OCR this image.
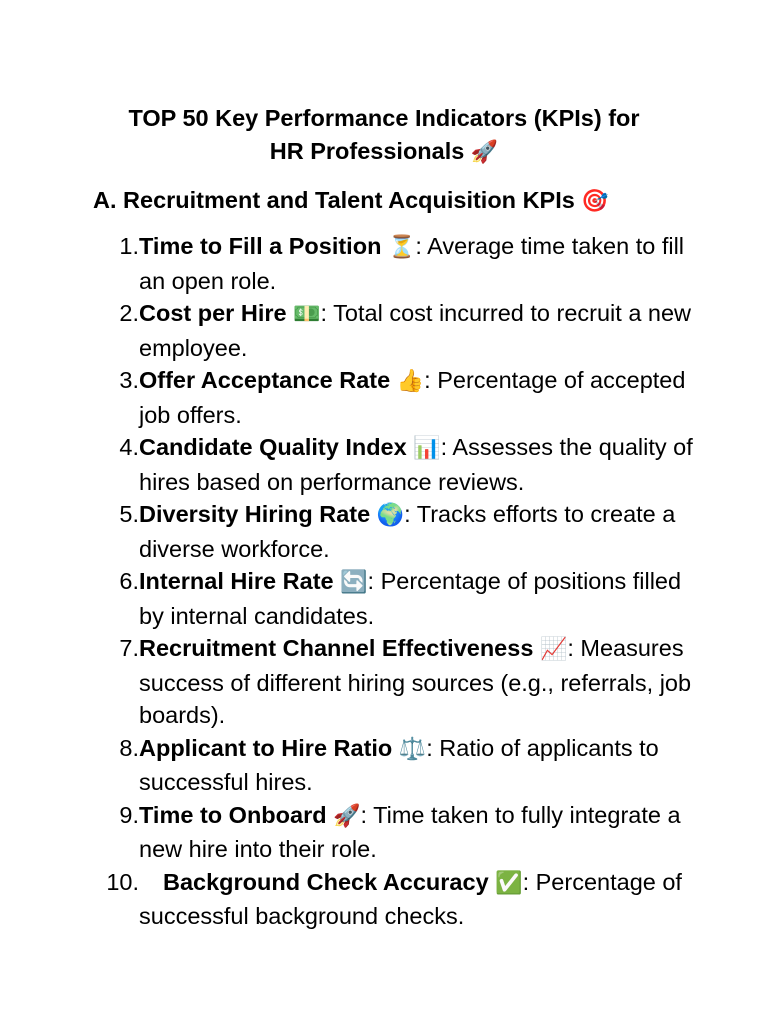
TOP 50 Key Performance Indicators (KPIs) for
HR Professionals 🚀
A. Recruitment and Talent Acquisition KPIs 🎯
1. Time to Fill a Position ⏳: Average time taken to fill an open role.
2. Cost per Hire 💵: Total cost incurred to recruit a new employee.
3. Offer Acceptance Rate 👍: Percentage of accepted job offers.
4. Candidate Quality Index 📊: Assesses the quality of hires based on performance reviews.
5. Diversity Hiring Rate 🌍: Tracks efforts to create a diverse workforce.
6. Internal Hire Rate 🔄: Percentage of positions filled by internal candidates.
7. Recruitment Channel Effectiveness 📈: Measures success of different hiring sources (e.g., referrals, job boards).
8. Applicant to Hire Ratio ⚖️: Ratio of applicants to successful hires.
9. Time to Onboard 🚀: Time taken to fully integrate a new hire into their role.
10. Background Check Accuracy ✅: Percentage of successful background checks.
